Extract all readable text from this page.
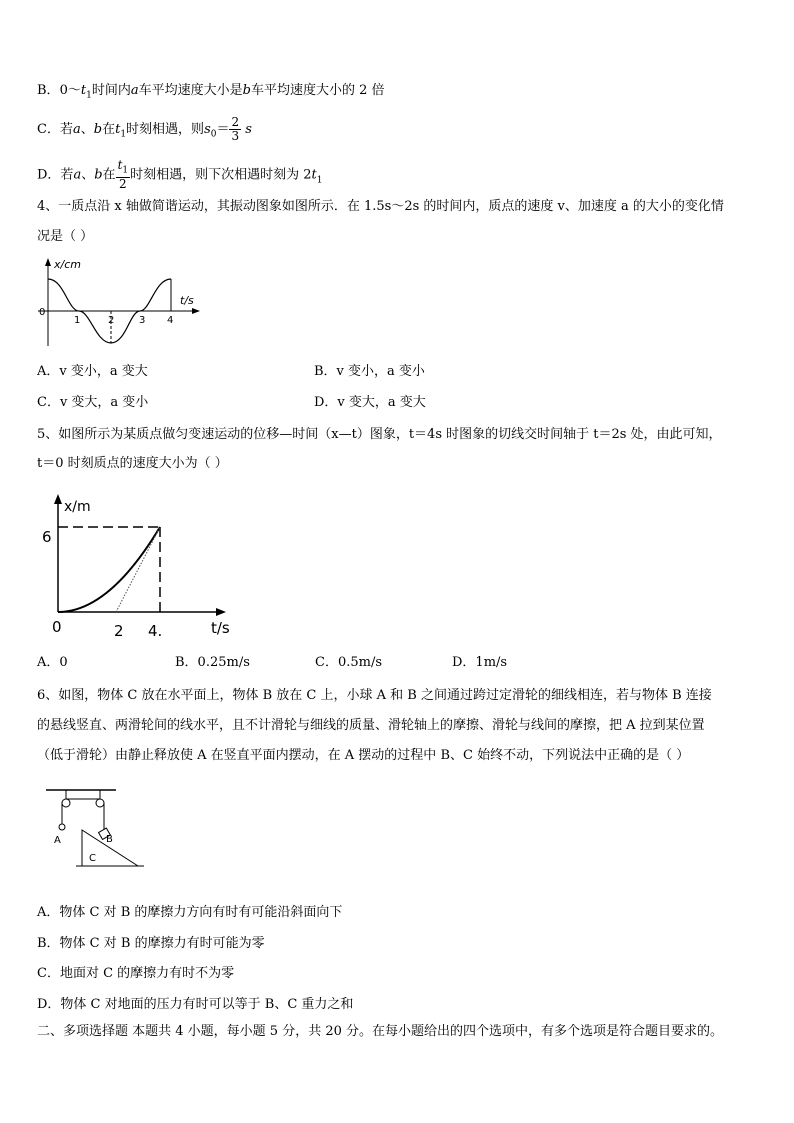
B．$0\sim t_1$时间内a车平均速度大小是b车平均速度大小的 2 倍
C．若a、b在$t_1$时刻相遇，则$s_0= \frac{2}{3}$ s
D．若a、b在 $\frac{t_1}{2}$ 时刻相遇，则下次相遇时刻为 $2t_1$
4、一质点沿 x 轴做简谐运动，其振动图象如图所示．在 1.5s～2s 的时间内，质点的速度 v、加速度 a 的大小的变化情
况是（ ）
x/cm
t/s
0
1	2 3 4
A．v 变小，a 变大	B．v 变小，a 变小
C．v 变大，a 变小	D．v 变大，a 变大
5、如图所示为某质点做匀变速运动的位移—时间（x—t）图象，t＝4s 时图象的切线交时间轴于 t＝2s 处，由此可知，
t＝0 时刻质点的速度大小为（ ）
x/m
t/s
0
6
2 4.
A．0	B．0.25m/s	C．0.5m/s	D．1m/s
6、如图，物体 C 放在水平面上，物体 B 放在 C 上，小球 A 和 B 之间通过跨过定滑轮的细线相连，若与物体 B 连接
的悬线竖直、两滑轮间的线水平，且不计滑轮与细线的质量、滑轮轴上的摩擦、滑轮与线间的摩擦，把 A 拉到某位置
（低于滑轮）由静止释放使 A 在竖直平面内摆动，在 A 摆动的过程中 B、C 始终不动，下列说法中正确的是（ ）
A	B
C
A．物体 C 对 B 的摩擦力方向有时有可能沿斜面向下
B．物体 C 对 B 的摩擦力有时可能为零
C．地面对 C 的摩擦力有时不为零
D．物体 C 对地面的压力有时可以等于 B、C 重力之和
二、多项选择题 本题共 4 小题，每小题 5 分，共 20 分。在每小题给出的四个选项中，有多个选项是符合题目要求的。
